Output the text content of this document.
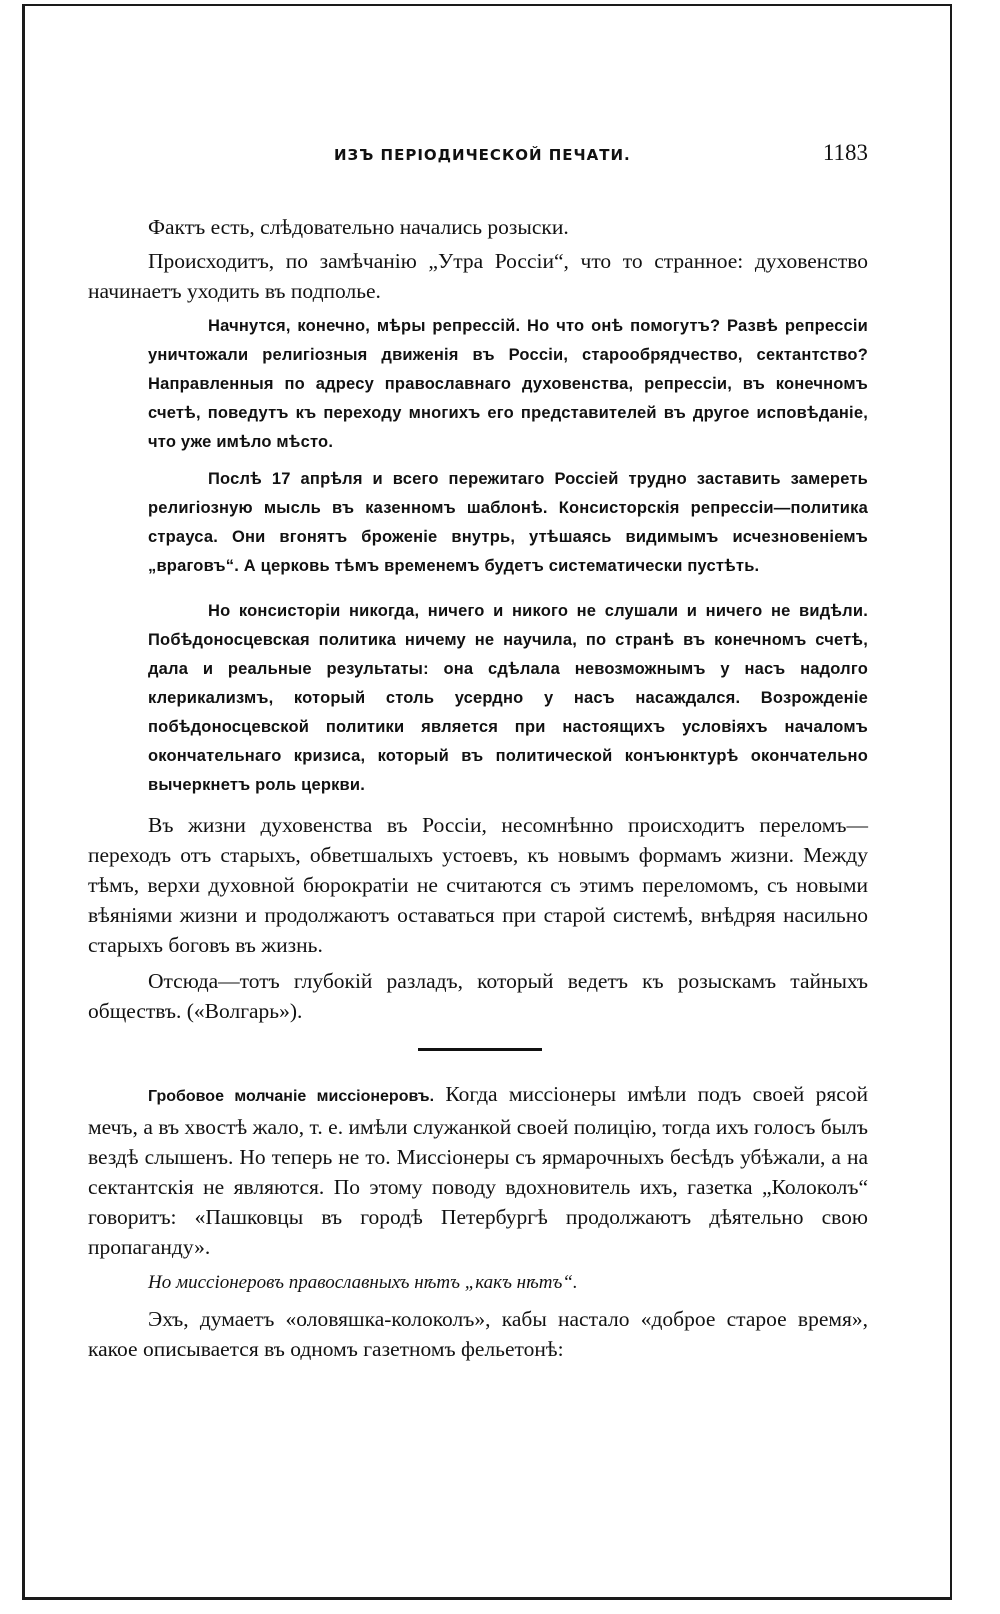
ИЗЪ ПЕРІОДИЧЕСКОЙ ПЕЧАТИ.	1183

Фактъ есть, слѣдовательно начались розыски.

Происходитъ, по замѣчанію „Утра Россіи“, что то странное: духовенство начинаетъ уходить въ подполье.

Начнутся, конечно, мѣры репрессій. Но что онѣ помогутъ? Развѣ репрессіи уничтожали религіозныя движенія въ Россіи, старообрядчество, сектантство? Направленныя по адресу православнаго духовенства, репрессіи, въ конечномъ счетѣ, поведутъ къ переходу многихъ его представителей въ другое исповѣданіе, что уже имѣло мѣсто.

Послѣ 17 апрѣля и всего пережитаго Россіей трудно заставить замереть религіозную мысль въ казенномъ шаблонѣ. Консисторскія репрессіи—политика страуса. Они вгонятъ броженіе внутрь, утѣшаясь видимымъ исчезновеніемъ „враговъ“. А церковь тѣмъ временемъ будетъ систематически пустѣть.

Но консисторіи никогда, ничего и никого не слушали и ничего не видѣли. Побѣдоносцевская политика ничему не научила, по странѣ въ конечномъ счетѣ, дала и реальные результаты: она сдѣлала невозможнымъ у насъ надолго клерикализмъ, который столь усердно у насъ насаждался. Возрожденіе побѣдоносцевской политики является при настоящихъ условіяхъ началомъ окончательнаго кризиса, который въ политической конъюнктурѣ окончательно вычеркнетъ роль церкви.

Въ жизни духовенства въ Россіи, несомнѣнно происходитъ переломъ—переходъ отъ старыхъ, обветшалыхъ устоевъ, къ новымъ формамъ жизни. Между тѣмъ, верхи духовной бюрократіи не считаются съ этимъ переломомъ, съ новыми вѣяніями жизни и продолжаютъ оставаться при старой системѣ, внѣдряя насильно старыхъ боговъ въ жизнь.

Отсюда—тотъ глубокій разладъ, который ведетъ къ розыскамъ тайныхъ обществъ. («Волгарь»).

Гробовое молчаніе миссіонеровъ. Когда миссіонеры имѣли подъ своей рясой мечъ, а въ хвостѣ жало, т. е. имѣли служанкой своей полицію, тогда ихъ голосъ былъ вездѣ слышенъ. Но теперь не то. Миссіонеры съ ярмарочныхъ бесѣдъ убѣжали, а на сектантскія не являются. По этому поводу вдохновитель ихъ, газетка „Колоколъ“ говоритъ: «Пашковцы въ городѣ Петербургѣ продолжаютъ дѣятельно свою пропаганду».

Но миссіонеровъ православныхъ нѣтъ „какъ нѣтъ“.

Эхъ, думаетъ «оловяшка-колоколъ», кабы настало «доброе старое время», какое описывается въ одномъ газетномъ фельетонѣ:
